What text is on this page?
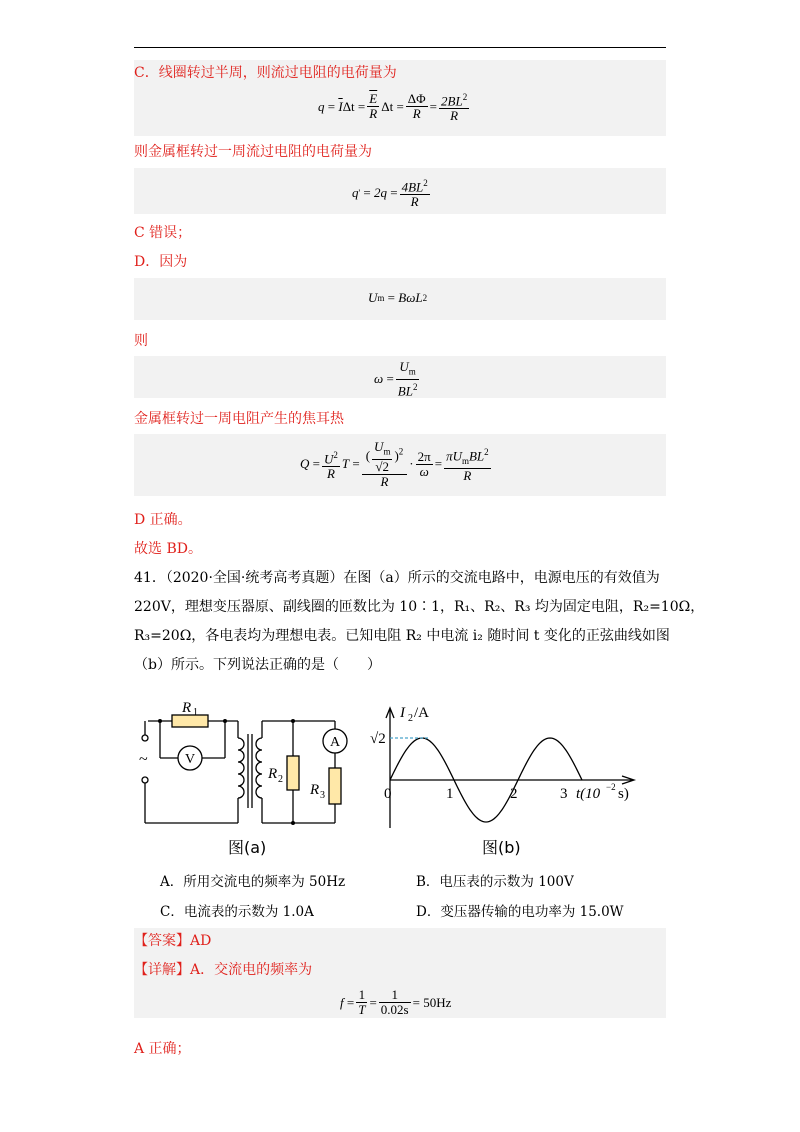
C．线圈转过半周，则流过电阻的电荷量为
q
=
$\overline{I}$ Δt
= $\frac{\overline{E}}{R}$ Δt
= $\frac{\Delta\Phi}{R} = \frac{2BL^2}{R}$
则金属框转过一周流过电阻的电荷量为
q '
=
2q
= $\frac{4BL^2}{R}$
C 错误；
D．因为
U m
=
BωL 2
则
ω
= $\frac{U_m}{BL^2}$
金属框转过一周电阻产生的焦耳热
Q
= $\frac{U^2}{R}$ T
= $\frac{( \frac{U_m}{√2} )^2}{R} \cdot \frac{2\pi}{\omega} = \frac{\pi U_mBL^2}{R}$
D 正确。
故选 BD。
41．（2020·全国·统考高考真题）在图（a）所示的交流电路中，电源电压的有效值为
220V，理想变压器原、副线圈的匝数比为 10∶1，R₁、R₂、R₃ 均为固定电阻，R₂=10Ω，
R₃=20Ω，各电表均为理想电表。已知电阻 R₂ 中电流 i₂ 随时间 t 变化的正弦曲线如图
（b）所示。下列说法正确的是（　　）
R 1
V
A
R 2
R 3
~
图(a)
I 2 /A
√2
0	1	2	3 t(10 −2 s)
图(b)
A．所用交流电的频率为 50Hz	B．电压表的示数为 100V
C．电流表的示数为 1.0A	D．变压器传输的电功率为 15.0W
【答案】AD
【详解】A．交流电的频率为
f
= $\frac{1}{T} = \frac{1}{0.02s}$ =
50Hz
A 正确；
